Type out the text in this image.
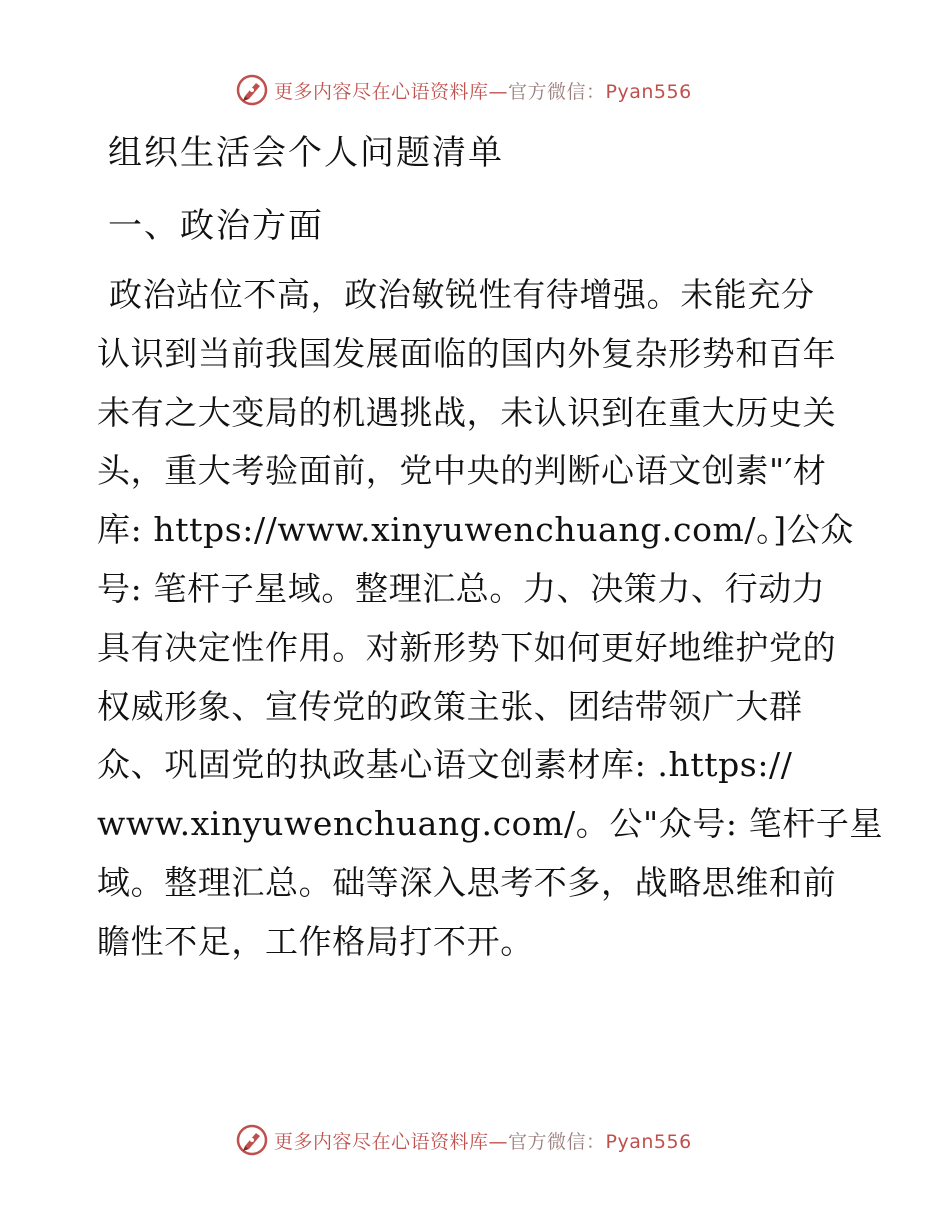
更多内容尽在心语资料库—官方微信：Pyan556
组织生活会个人问题清单
一、政治方面
政治站位不高，政治敏锐性有待增强。未能充分
认识到当前我国发展面临的国内外复杂形势和百年
未有之大变局的机遇挑战，未认识到在重大历史关
头，重大考验面前，党中央的判断心语文创素"′材
库: https://www.xinyuwenchuang.com/。]公众
号: 笔杆子星域。整理汇总。力、决策力、行动力
具有决定性作用。对新形势下如何更好地维护党的
权威形象、宣传党的政策主张、团结带领广大群
众、巩固党的执政基心语文创素材库: .https://
www.xinyuwenchuang.com/。公"众号: 笔杆子星
域。整理汇总。础等深入思考不多，战略思维和前
瞻性不足，工作格局打不开。
更多内容尽在心语资料库—官方微信：Pyan556
